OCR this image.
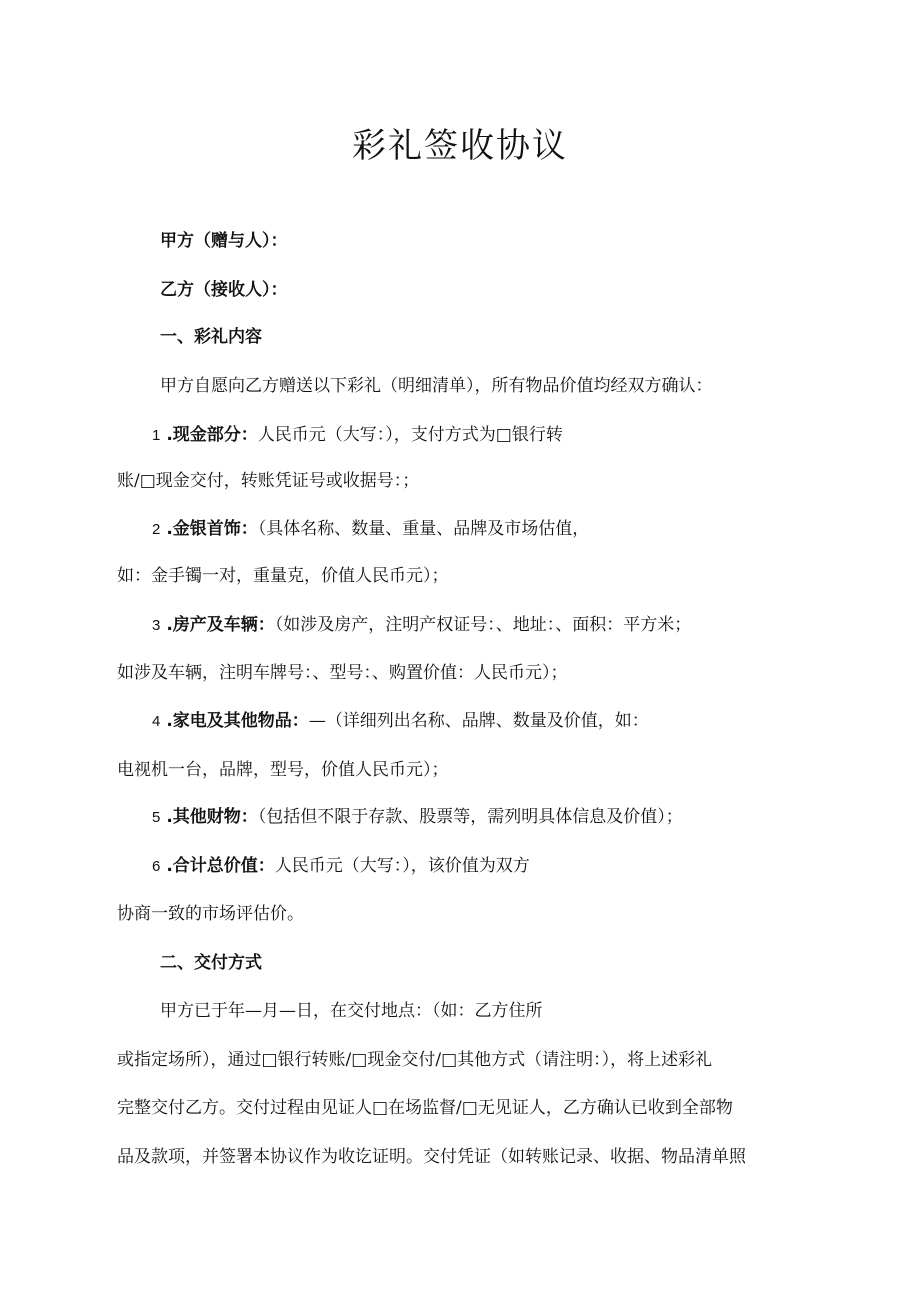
彩礼签收协议
甲方（赠与人）：
乙方（接收人）：
一、彩礼内容
甲方自愿向乙方赠送以下彩礼（明细清单），所有物品价值均经双方确认：
1 .现金部分：人民币元（大写：），支付方式为□银行转
账/□现金交付，转账凭证号或收据号：；
2 .金银首饰：（具体名称、数量、重量、品牌及市场估值，
如：金手镯一对，重量克，价值人民币元）；
3 .房产及车辆：（如涉及房产，注明产权证号：、地址：、面积：平方米；
如涉及车辆，注明车牌号：、型号：、购置价值：人民币元）；
4 .家电及其他物品：—（详细列出名称、品牌、数量及价值，如：
电视机一台，品牌，型号，价值人民币元）；
5 .其他财物：（包括但不限于存款、股票等，需列明具体信息及价值）；
6 .合计总价值：人民币元（大写：），该价值为双方
协商一致的市场评估价。
二、交付方式
甲方已于年—月—日，在交付地点：（如：乙方住所
或指定场所），通过□银行转账/□现金交付/□其他方式（请注明：），将上述彩礼
完整交付乙方。交付过程由见证人□在场监督/□无见证人，乙方确认已收到全部物
品及款项，并签署本协议作为收讫证明。交付凭证（如转账记录、收据、物品清单照
